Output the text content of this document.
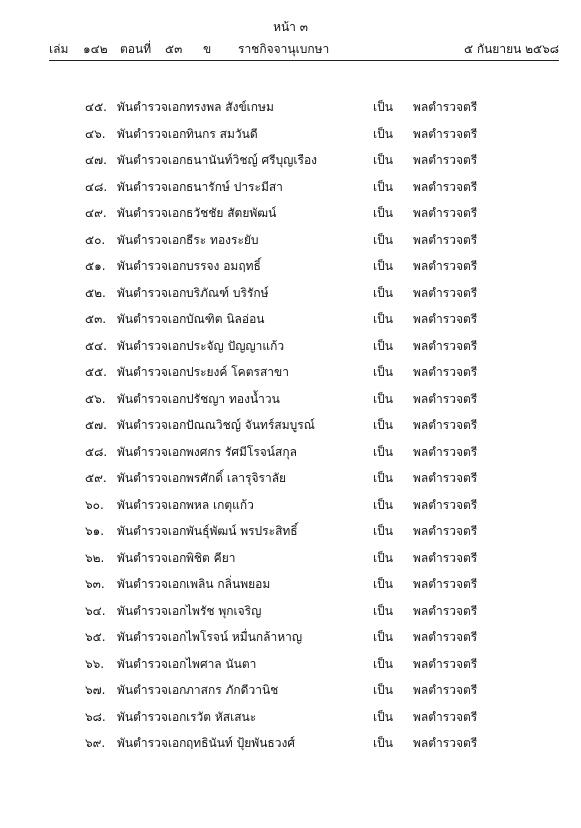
หน้า ๓
เล่ม ๑๔๒ ตอนที่ ๕๓ ข ราชกิจจานุเบกษา	๕ กันยายน ๒๕๖๘
๔๕. พันตำรวจเอก ทรงพล สังข์เกษม	เป็น พลตำรวจตรี
๔๖. พันตำรวจเอก ทินกร สมวันดี	เป็น พลตำรวจตรี
๔๗. พันตำรวจเอก ธนานันท์วิชญ์ ศรีบุญเรือง	เป็น พลตำรวจตรี
๔๘. พันตำรวจเอก ธนารักษ์ ปาระมีสา	เป็น พลตำรวจตรี
๔๙. พันตำรวจเอก ธวัชชัย สัตยพัฒน์	เป็น พลตำรวจตรี
๕๐. พันตำรวจเอก ธีระ ทองระยับ	เป็น พลตำรวจตรี
๕๑. พันตำรวจเอก บรรจง อมฤทธิ์	เป็น พลตำรวจตรี
๕๒. พันตำรวจเอก บริภัณฑ์ บริรักษ์	เป็น พลตำรวจตรี
๕๓. พันตำรวจเอก บัณฑิต นิลอ่อน	เป็น พลตำรวจตรี
๕๔. พันตำรวจเอก ประจัญ ปัญญาแก้ว	เป็น พลตำรวจตรี
๕๕. พันตำรวจเอก ประยงค์ โคตรสาขา	เป็น พลตำรวจตรี
๕๖. พันตำรวจเอก ปรัชญา ทองน้ำวน	เป็น พลตำรวจตรี
๕๗. พันตำรวจเอก ปัณณวิชญ์ จันทร์สมบูรณ์	เป็น พลตำรวจตรี
๕๘. พันตำรวจเอก พงศกร รัศมีโรจน์สกุล	เป็น พลตำรวจตรี
๕๙. พันตำรวจเอก พรศักดิ์ เลารุจิราลัย	เป็น พลตำรวจตรี
๖๐. พันตำรวจเอก พหล เกตุแก้ว	เป็น พลตำรวจตรี
๖๑. พันตำรวจเอก พันธุ์พัฒน์ พรประสิทธิ์	เป็น พลตำรวจตรี
๖๒. พันตำรวจเอก พิชิต คียา	เป็น พลตำรวจตรี
๖๓. พันตำรวจเอก เพลิน กลิ่นพยอม	เป็น พลตำรวจตรี
๖๔. พันตำรวจเอก ไพรัช พุกเจริญ	เป็น พลตำรวจตรี
๖๕. พันตำรวจเอก ไพโรจน์ หมื่นกล้าหาญ	เป็น พลตำรวจตรี
๖๖. พันตำรวจเอก ไพศาล นันตา	เป็น พลตำรวจตรี
๖๗. พันตำรวจเอก ภาสกร ภักดีวานิช	เป็น พลตำรวจตรี
๖๘. พันตำรวจเอก เรวัต หัสเสนะ	เป็น พลตำรวจตรี
๖๙. พันตำรวจเอก ฤทธินันท์ ปุ้ยพันธวงศ์	เป็น พลตำรวจตรี
